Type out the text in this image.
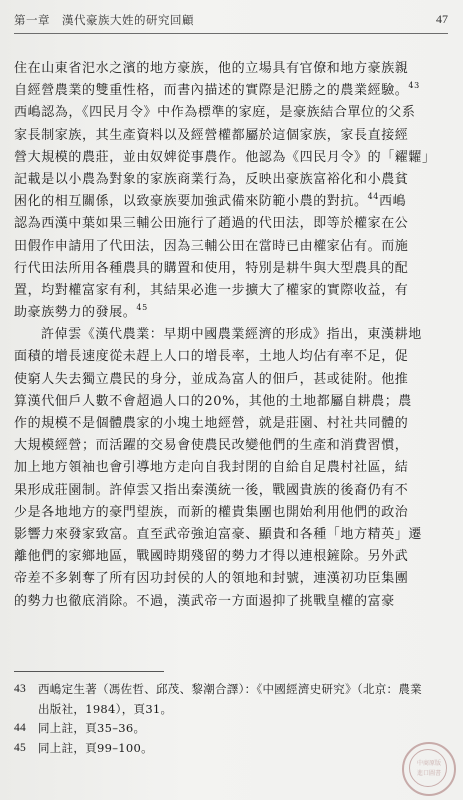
第一章　漢代豪族大姓的研究回顧	47
住在山東省汜水之濱的地方豪族，他的立場具有官僚和地方豪族親
自經營農業的雙重性格，而書內描述的實際是汜勝之的農業經驗。$^{43}$
西嶋認為，《四民月令》中作為標準的家庭，是豪族結合單位的父系
家長制家族，其生產資料以及經營權都屬於這個家族，家長直接經
營大規模的農莊，並由奴婢從事農作。他認為《四民月令》的「糴糶」
記載是以小農為對象的家族商業行為，反映出豪族富裕化和小農貧
困化的相互關係，以致豪族要加強武備來防範小農的對抗。$^{44}$西嶋
認為西漢中葉如果三輔公田施行了趙過的代田法，即等於權家在公
田假作申請用了代田法，因為三輔公田在當時已由權家佔有。而施
行代田法所用各種農具的購置和使用，特別是耕牛與大型農具的配
置，均對權富家有利，其結果必進一步擴大了權家的實際收益，有
助豪族勢力的發展。$^{45}$
許倬雲《漢代農業：早期中國農業經濟的形成》指出，東漢耕地
面積的增長速度從未趕上人口的增長率，土地人均佔有率不足，促
使窮人失去獨立農民的身分，並成為富人的佃戶，甚或徒附。他推
算漢代佃戶人數不會超過人口的20%，其他的土地都屬自耕農；農
作的規模不是個體農家的小塊土地經營，就是莊園、村社共同體的
大規模經營；而活躍的交易會使農民改變他們的生產和消費習慣，
加上地方領袖也會引導地方走向自我封閉的自給自足農村社區，結
果形成莊園制。許倬雲又指出秦漢統一後，戰國貴族的後裔仍有不
少是各地地方的豪門望族，而新的權貴集團也開始利用他們的政治
影響力來發家致富。直至武帝強迫富豪、顯貴和各種「地方精英」遷
離他們的家鄉地區，戰國時期殘留的勢力才得以連根鏟除。另外武
帝差不多剝奪了所有因功封侯的人的領地和封號，連漢初功臣集團
的勢力也徹底消除。不過，漢武帝一方面遏抑了挑戰皇權的富豪
43 西嶋定生著（馮佐哲、邱茂、黎潮合譯）：《中國經濟史研究》（北京：農業
出版社，1984），頁31。
44 同上註，頁35–36。
45 同上註，頁99–100。
中商原版
進口圖書
